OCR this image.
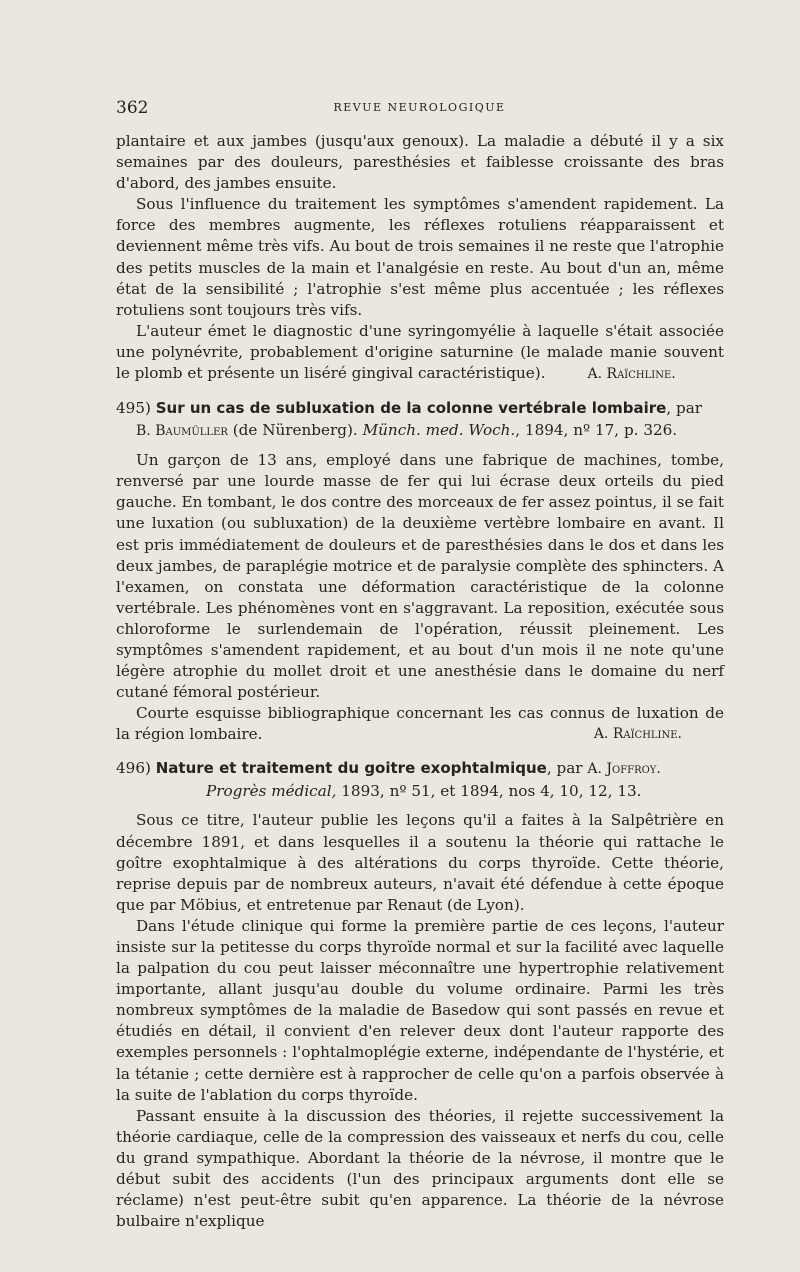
362	REVUE NEUROLOGIQUE

plantaire et aux jambes (jusqu'aux genoux). La maladie a débuté il y a six semaines par des douleurs, paresthésies et faiblesse croissante des bras d'abord, des jambes ensuite.

Sous l'influence du traitement les symptômes s'amendent rapidement. La force des membres augmente, les réflexes rotuliens réapparaissent et deviennent même très vifs. Au bout de trois semaines il ne reste que l'atrophie des petits muscles de la main et l'analgésie en reste. Au bout d'un an, même état de la sensibilité ; l'atrophie s'est même plus accentuée ; les réflexes rotuliens sont toujours très vifs.

L'auteur émet le diagnostic d'une syringomyélie à laquelle s'était associée une polynévrite, probablement d'origine saturnine (le malade manie souvent le plomb et présente un liséré gingival caractéristique).	A. Raïchline.

495) Sur un cas de subluxation de la colonne vertébrale lombaire, par

B. Baumüller (de Nürenberg). Münch. med. Woch., 1894, nº 17, p. 326.

Un garçon de 13 ans, employé dans une fabrique de machines, tombe, renversé par une lourde masse de fer qui lui écrase deux orteils du pied gauche. En tombant, le dos contre des morceaux de fer assez pointus, il se fait une luxation (ou subluxation) de la deuxième vertèbre lombaire en avant. Il est pris immédiatement de douleurs et de paresthésies dans le dos et dans les deux jambes, de paraplégie motrice et de paralysie complète des sphincters. A l'examen, on constata une déformation caractéristique de la colonne vertébrale. Les phénomènes vont en s'aggravant. La reposition, exécutée sous chloroforme le surlendemain de l'opération, réussit pleinement. Les symptômes s'amendent rapidement, et au bout d'un mois il ne note qu'une légère atrophie du mollet droit et une anesthésie dans le domaine du nerf cutané fémoral postérieur.

Courte esquisse bibliographique concernant les cas connus de luxation de la région lombaire.	A. Raïchline.

496) Nature et traitement du goitre exophtalmique, par A. Joffroy.

Progrès médical, 1893, nº 51, et 1894, nos 4, 10, 12, 13.

Sous ce titre, l'auteur publie les leçons qu'il a faites à la Salpêtrière en décembre 1891, et dans lesquelles il a soutenu la théorie qui rattache le goître exophtalmique à des altérations du corps thyroïde. Cette théorie, reprise depuis par de nombreux auteurs, n'avait été défendue à cette époque que par Möbius, et entretenue par Renaut (de Lyon).

Dans l'étude clinique qui forme la première partie de ces leçons, l'auteur insiste sur la petitesse du corps thyroïde normal et sur la facilité avec laquelle la palpation du cou peut laisser méconnaître une hypertrophie relativement importante, allant jusqu'au double du volume ordinaire. Parmi les très nombreux symptômes de la maladie de Basedow qui sont passés en revue et étudiés en détail, il convient d'en relever deux dont l'auteur rapporte des exemples personnels : l'ophtalmoplégie externe, indépendante de l'hystérie, et la tétanie ; cette dernière est à rapprocher de celle qu'on a parfois observée à la suite de l'ablation du corps thyroïde.

Passant ensuite à la discussion des théories, il rejette successivement la théorie cardiaque, celle de la compression des vaisseaux et nerfs du cou, celle du grand sympathique. Abordant la théorie de la névrose, il montre que le début subit des accidents (l'un des principaux arguments dont elle se réclame) n'est peut-être subit qu'en apparence. La théorie de la névrose bulbaire n'explique
